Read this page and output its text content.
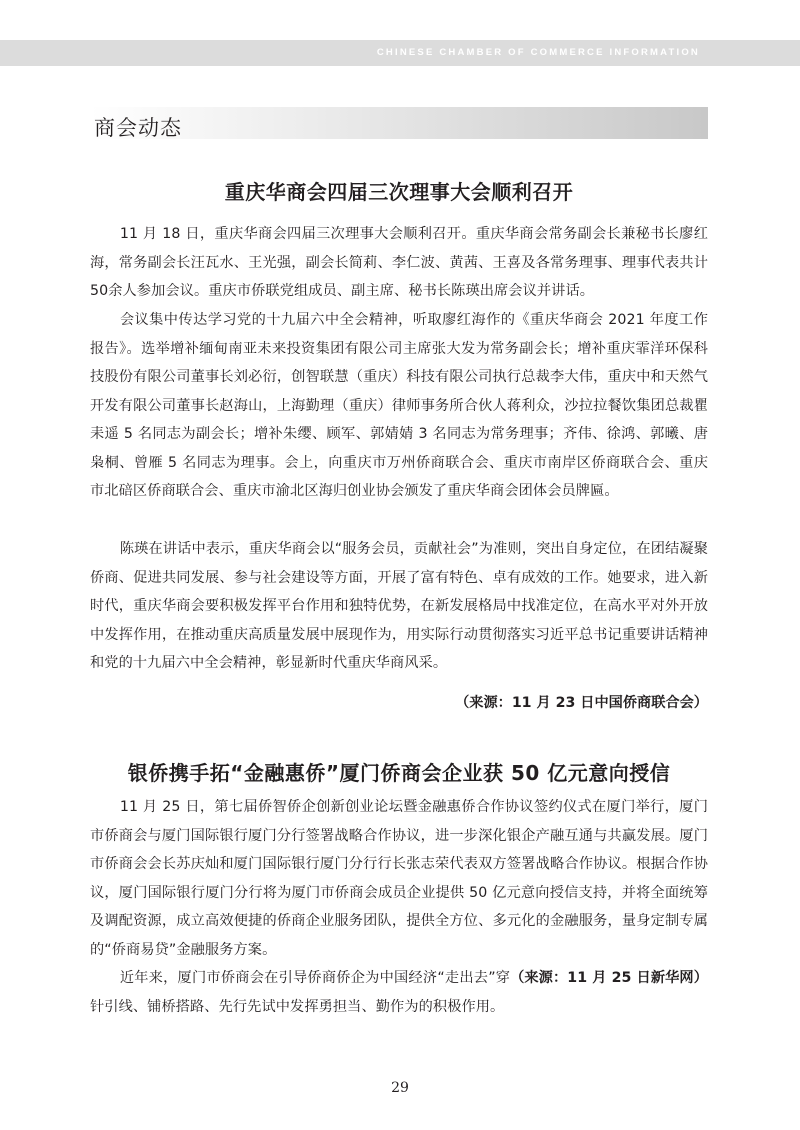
CHINESE CHAMBER OF COMMERCE INFORMATION
商会动态
重庆华商会四届三次理事大会顺利召开

11 月 18 日，重庆华商会四届三次理事大会顺利召开。重庆华商会常务副会长兼秘书长廖红海，常务副会长汪瓦水、王光强，副会长简莉、李仁波、黄茜、王喜及各常务理事、理事代表共计 50余人参加会议。重庆市侨联党组成员、副主席、秘书长陈瑛出席会议并讲话。

会议集中传达学习党的十九届六中全会精神，听取廖红海作的《重庆华商会 2021 年度工作报告》。选举增补缅甸南亚未来投资集团有限公司主席张大发为常务副会长；增补重庆霏洋环保科技股份有限公司董事长刘必衍，创智联慧（重庆）科技有限公司执行总裁李大伟，重庆中和天然气开发有限公司董事长赵海山，上海勤理（重庆）律师事务所合伙人蒋利众，沙拉拉餐饮集团总裁瞿耒遥 5 名同志为副会长；增补朱缨、顾军、郭婧婧 3 名同志为常务理事；齐伟、徐鸿、郭曦、唐枭桐、曾雁 5 名同志为理事。会上，向重庆市万州侨商联合会、重庆市南岸区侨商联合会、重庆市北碚区侨商联合会、重庆市渝北区海归创业协会颁发了重庆华商会团体会员牌匾。

陈瑛在讲话中表示，重庆华商会以“服务会员，贡献社会”为准则，突出自身定位，在团结凝聚侨商、促进共同发展、参与社会建设等方面，开展了富有特色、卓有成效的工作。她要求，进入新时代，重庆华商会要积极发挥平台作用和独特优势，在新发展格局中找准定位，在高水平对外开放中发挥作用，在推动重庆高质量发展中展现作为，用实际行动贯彻落实习近平总书记重要讲话精神和党的十九届六中全会精神，彰显新时代重庆华商风采。

（来源：11 月 23 日中国侨商联合会）
银侨携手拓“金融惠侨”厦门侨商会企业获 50 亿元意向授信

11 月 25 日，第七届侨智侨企创新创业论坛暨金融惠侨合作协议签约仪式在厦门举行，厦门市侨商会与厦门国际银行厦门分行签署战略合作协议，进一步深化银企产融互通与共赢发展。厦门市侨商会会长苏庆灿和厦门国际银行厦门分行行长张志荣代表双方签署战略合作协议。根据合作协议，厦门国际银行厦门分行将为厦门市侨商会成员企业提供 50 亿元意向授信支持，并将全面统筹及调配资源，成立高效便捷的侨商企业服务团队，提供全方位、多元化的金融服务，量身定制专属的“侨商易贷”金融服务方案。

（来源：11 月 25 日新华网）
近年来，厦门市侨商会在引导侨商侨企为中国经济“走出去”穿针引线、铺桥搭路、先行先试中发挥勇担当、勤作为的积极作用。

29
